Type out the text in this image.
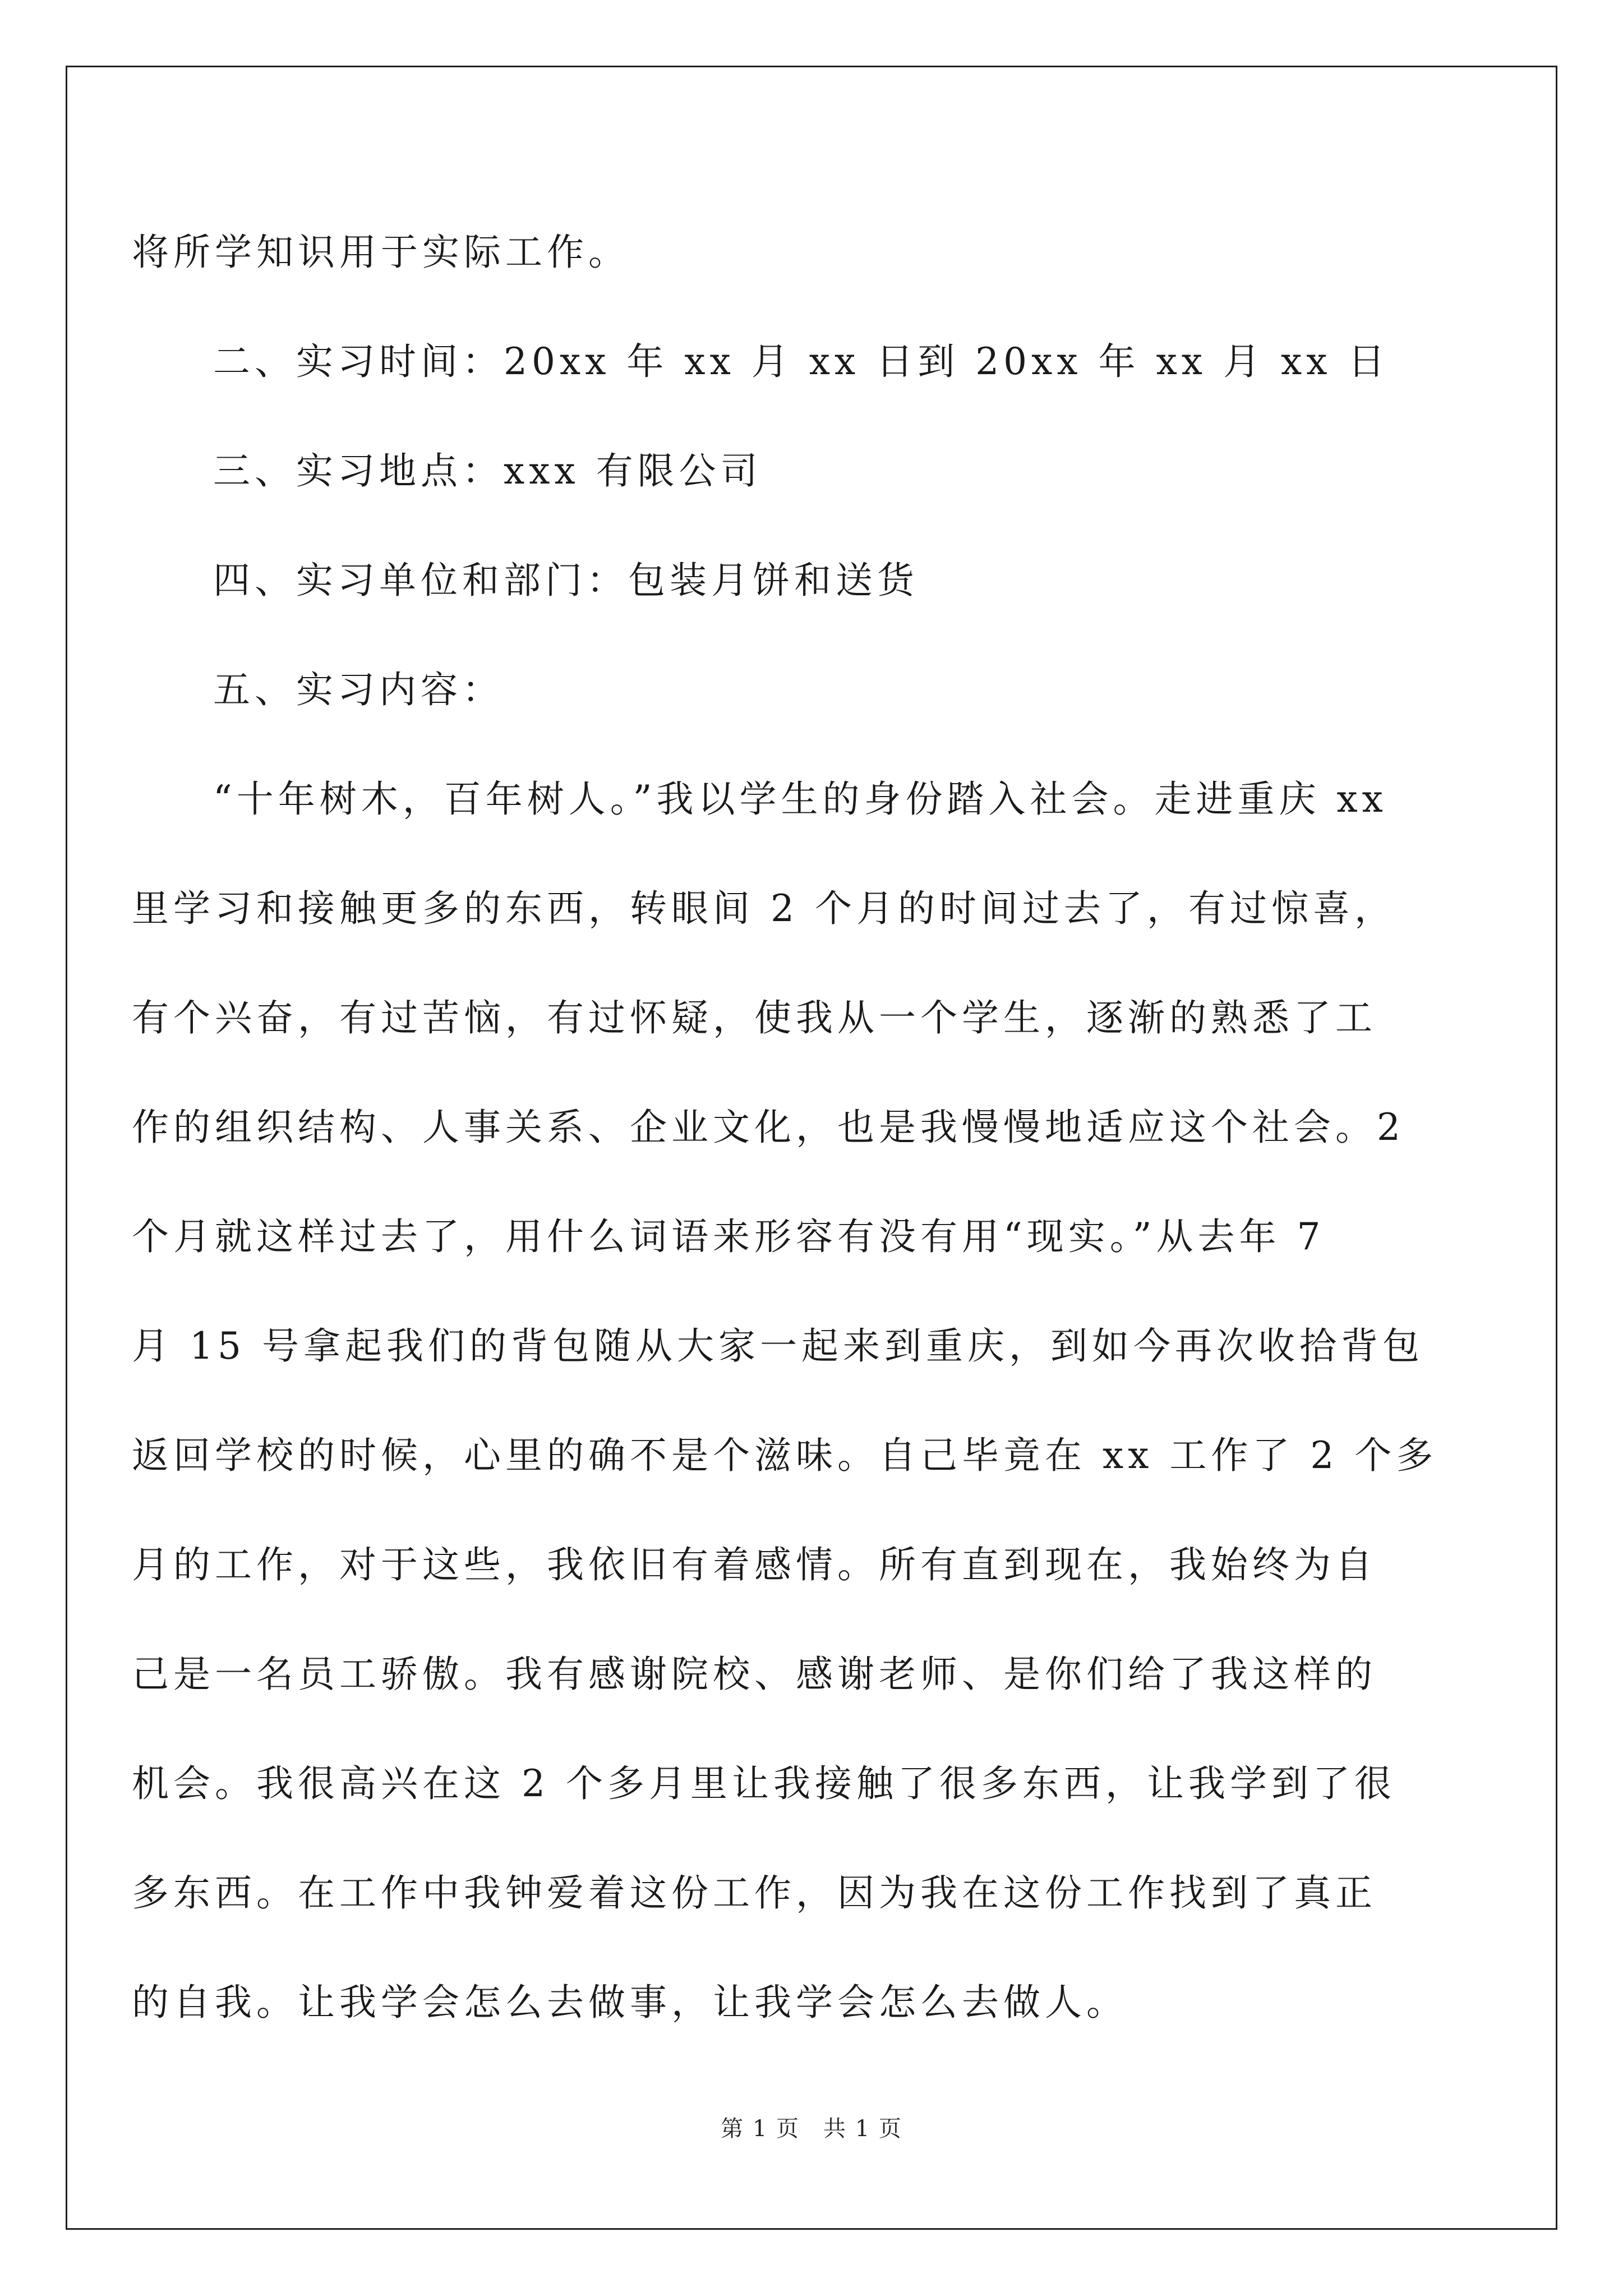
将所学知识用于实际工作。
二、实习时间：20xx 年 xx 月 xx 日到 20xx 年 xx 月 xx 日
三、实习地点：xxx 有限公司
四、实习单位和部门：包装月饼和送货
五、实习内容：
“十年树木，百年树人。”我以学生的身份踏入社会。走进重庆 xx
里学习和接触更多的东西，转眼间 2 个月的时间过去了，有过惊喜，
有个兴奋，有过苦恼，有过怀疑，使我从一个学生，逐渐的熟悉了工
作的组织结构、人事关系、企业文化，也是我慢慢地适应这个社会。2
个月就这样过去了，用什么词语来形容有没有用“现实。”从去年 7
月 15 号拿起我们的背包随从大家一起来到重庆，到如今再次收拾背包
返回学校的时候，心里的确不是个滋味。自己毕竟在 xx 工作了 2 个多
月的工作，对于这些，我依旧有着感情。所有直到现在，我始终为自
己是一名员工骄傲。我有感谢院校、感谢老师、是你们给了我这样的
机会。我很高兴在这 2 个多月里让我接触了很多东西，让我学到了很
多东西。在工作中我钟爱着这份工作，因为我在这份工作找到了真正
的自我。让我学会怎么去做事，让我学会怎么去做人。
第 1 页　共 1 页
